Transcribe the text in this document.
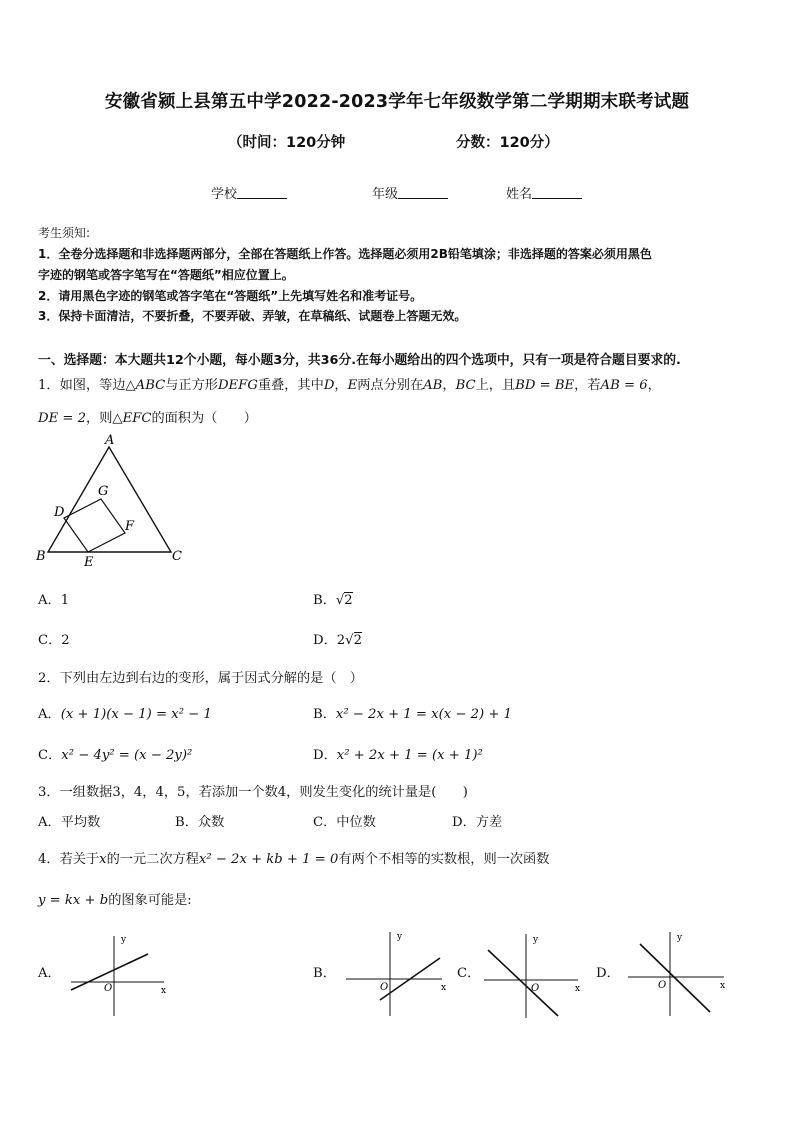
安徽省颍上县第五中学2022-2023学年七年级数学第二学期期末联考试题
（时间：120分钟	分数：120分）
学校	年级	姓名
考生须知:
1．全卷分选择题和非选择题两部分，全部在答题纸上作答。选择题必须用2B铅笔填涂；非选择题的答案必须用黑色
字迹的钢笔或答字笔写在“答题纸”相应位置上。
2．请用黑色字迹的钢笔或答字笔在“答题纸”上先填写姓名和准考证号。
3．保持卡面清洁，不要折叠，不要弄破、弄皱，在草稿纸、试题卷上答题无效。
一、选择题：本大题共12个小题，每小题3分，共36分.在每小题给出的四个选项中，只有一项是符合题目要求的.
1．如图，等边△ABC与正方形DEFG重叠，其中D，E两点分别在AB，BC上，且BD = BE，若AB = 6，
DE = 2，则△EFC的面积为（　　）
A
B	C
D
E
F
G
A．1	B．√2
C．2	D．2√2
2．下列由左边到右边的变形，属于因式分解的是（　）
A．(x + 1)(x − 1) = x² − 1	B．x² − 2x + 1 = x(x − 2) + 1
C．x² − 4y² = (x − 2y)²	D．x² + 2x + 1 = (x + 1)²
3．一组数据3，4，4，5，若添加一个数4，则发生变化的统计量是(　　)
A．平均数	B．众数	C．中位数	D．方差
4．若关于x的一元二次方程x² − 2x + kb + 1 = 0有两个不相等的实数根，则一次函数
y = kx + b的图象可能是:
A．	B．	C．	D．
y
x
O
y
x
O
y
x
O
y
x
O
